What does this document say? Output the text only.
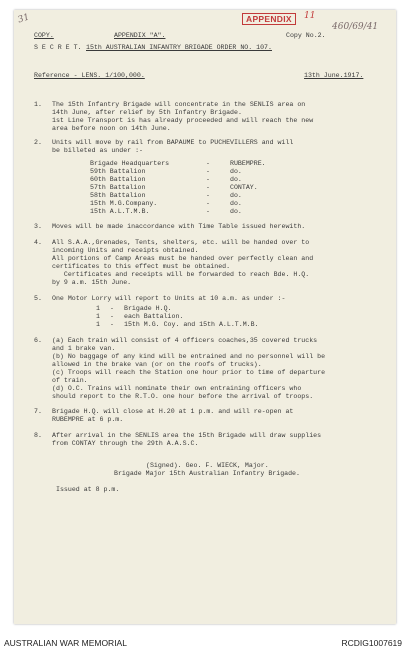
31	APPENDIX	11
460/69/41
COPY.	APPENDIX "A".	Copy No.2.
S E C R E T. 15th AUSTRALIAN INFANTRY BRIGADE ORDER NO. 107.
Reference - LENS. 1/100,000.	13th June.1917.
1. The 15th Infantry Brigade will concentrate in the SENLIS area on
14th June, after relief by 5th Infantry Brigade.
1st Line Transport is has already proceeded and will reach the new
area before noon on 14th June.
2. Units will move by rail from BAPAUME to PUCHEVILLERS and will
be billeted as under :-
Brigade Headquarters	-	RUBEMPRE.
59th Battalion	-	do.
60th Battalion	-	do.
57th Battalion	-	CONTAY.
58th Battalion	-	do.
15th M.G.Company.	-	do.
15th A.L.T.M.B.	-	do.
3. Moves will be made inaccordance with Time Table issued herewith.
4. All S.A.A.,Grenades, Tents, shelters, etc. will be handed over to
incoming Units and receipts obtained.
All portions of Camp Areas must be handed over perfectly clean and
certificates to this effect must be obtained.
Certificates and receipts will be forwarded to reach Bde. H.Q.
by 9 a.m. 15th June.
5. One Motor Lorry will report to Units at 10 a.m. as under :-
1 - Brigade H.Q.
1 - each Battalion.
1 - 15th M.G. Coy. and 15th A.L.T.M.B.
6. (a) Each train will consist of 4 officers coaches,35 covered trucks
and 1 brake van.
(b) No baggage of any kind will be entrained and no personnel will be
allowed in the brake van (or on the roofs of trucks).
(c) Troops will reach the Station one hour prior to time of departure
of train.
(d) O.C. Trains will nominate their own entraining officers who
should report to the R.T.O. one hour before the arrival of troops.
7. Brigade H.Q. will close at H.20 at 1 p.m. and will re-open at
RUBEMPRE at 6 p.m.
8. After arrival in the SENLIS area the 15th Brigade will draw supplies
from CONTAY through the 29th A.A.S.C.
(Signed). Geo. F. WIECK, Major.
Brigade Major 15th Australian Infantry Brigade.
Issued at 8 p.m.
AUSTRALIAN WAR MEMORIAL	RCDIG1007619
